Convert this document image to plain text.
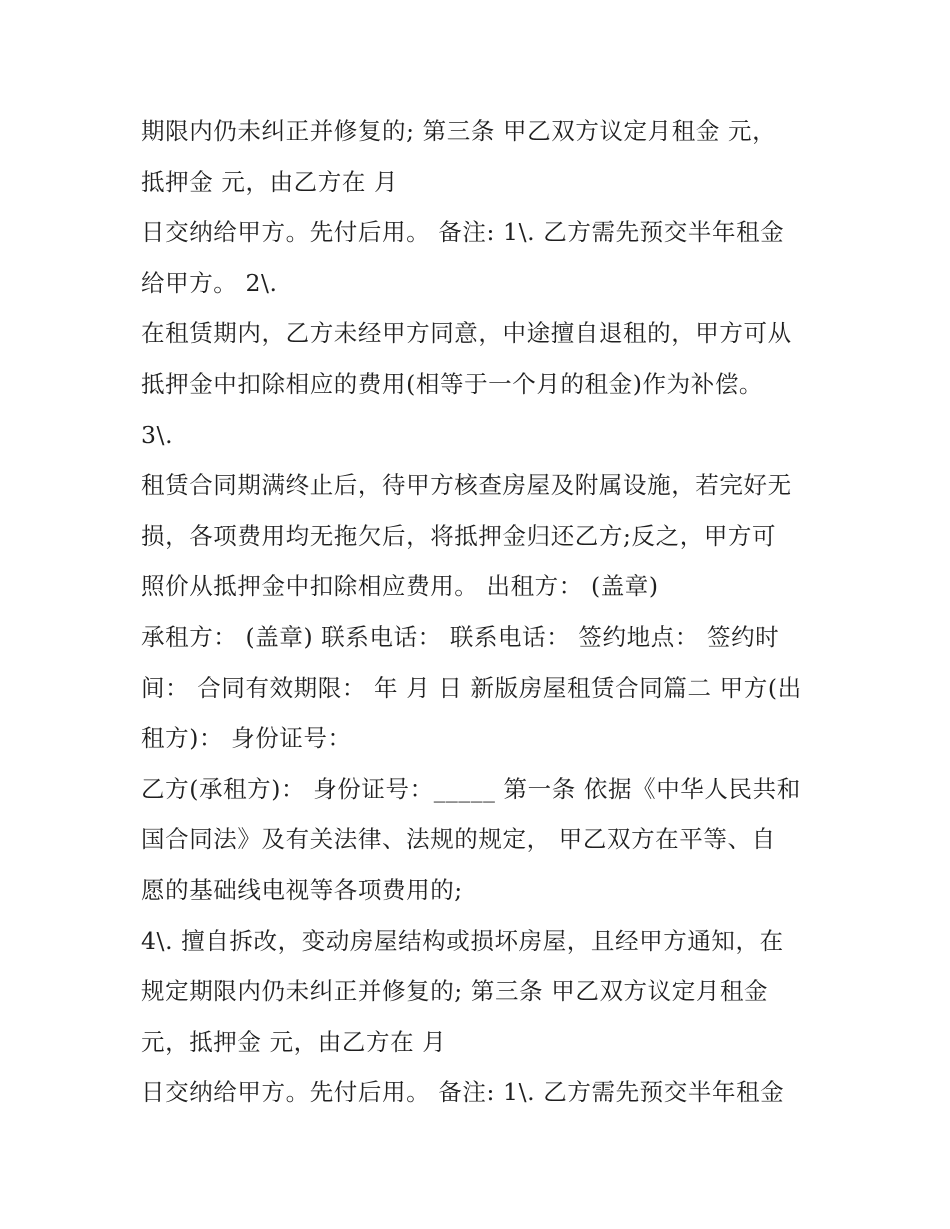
期限内仍未纠正并修复的; 第三条 甲乙双方议定月租金 元，
抵押金 元，由乙方在 月
日交纳给甲方。先付后用。 备注: 1\. 乙方需先预交半年租金
给甲方。 2\.
在租赁期内，乙方未经甲方同意，中途擅自退租的，甲方可从
抵押金中扣除相应的费用(相等于一个月的租金)作为补偿。
3\.
租赁合同期满终止后，待甲方核查房屋及附属设施，若完好无
损，各项费用均无拖欠后，将抵押金归还乙方;反之，甲方可
照价从抵押金中扣除相应费用。 出租方： (盖章)
承租方： (盖章) 联系电话： 联系电话： 签约地点： 签约时
间： 合同有效期限： 年 月 日 新版房屋租赁合同篇二 甲方(出
租方)： 身份证号：
乙方(承租方)： 身份证号：_____ 第一条 依据《中华人民共和
国合同法》及有关法律、法规的规定， 甲乙双方在平等、自
愿的基础线电视等各项费用的;
4\. 擅自拆改，变动房屋结构或损坏房屋，且经甲方通知，在
规定期限内仍未纠正并修复的; 第三条 甲乙双方议定月租金
元，抵押金 元，由乙方在 月
日交纳给甲方。先付后用。 备注: 1\. 乙方需先预交半年租金
